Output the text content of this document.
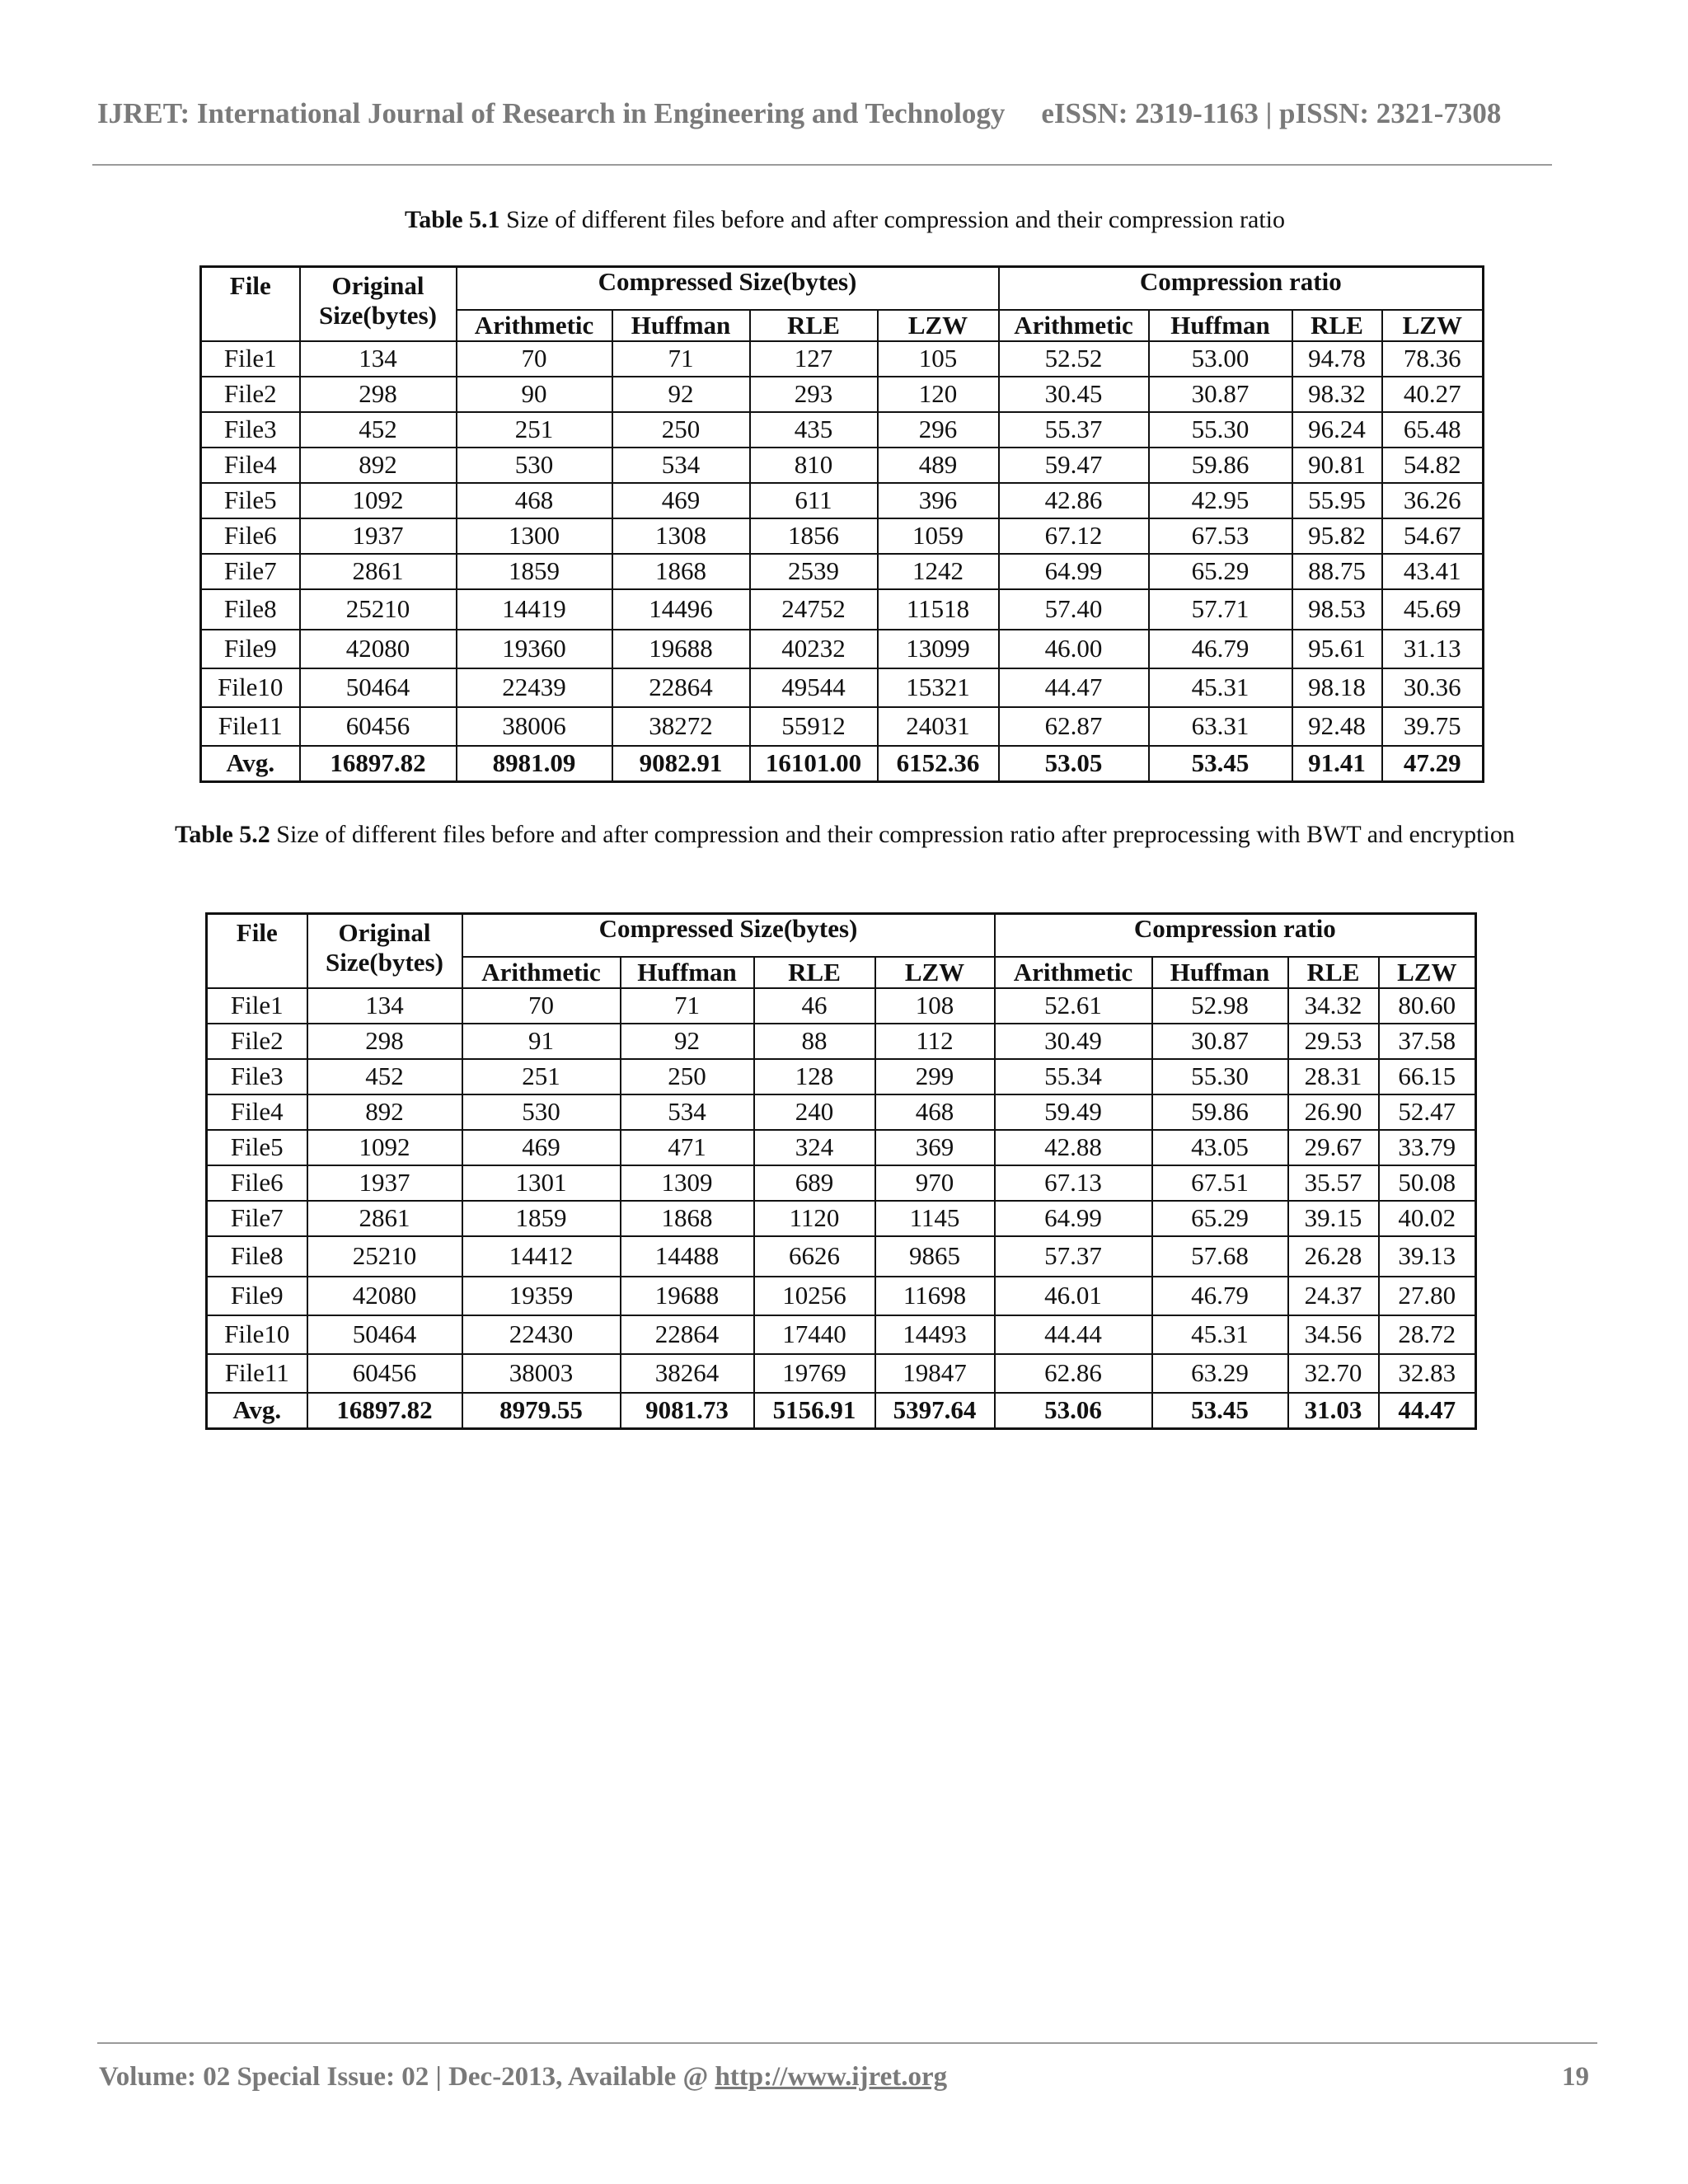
IJRET: International Journal of Research in Engineering and Technology eISSN: 2319-1163 | pISSN: 2321-7308
Table 5.1 Size of different files before and after compression and their compression ratio
File	Original Size(bytes)	Compressed Size(bytes)				Compression ratio			
		Arithmetic	Huffman	RLE	LZW	Arithmetic	Huffman	RLE	LZW
File1	134	70	71	127	105	52.52	53.00	94.78	78.36
File2	298	90	92	293	120	30.45	30.87	98.32	40.27
File3	452	251	250	435	296	55.37	55.30	96.24	65.48
File4	892	530	534	810	489	59.47	59.86	90.81	54.82
File5	1092	468	469	611	396	42.86	42.95	55.95	36.26
File6	1937	1300	1308	1856	1059	67.12	67.53	95.82	54.67
File7	2861	1859	1868	2539	1242	64.99	65.29	88.75	43.41
File8	25210	14419	14496	24752	11518	57.40	57.71	98.53	45.69
File9	42080	19360	19688	40232	13099	46.00	46.79	95.61	31.13
File10	50464	22439	22864	49544	15321	44.47	45.31	98.18	30.36
File11	60456	38006	38272	55912	24031	62.87	63.31	92.48	39.75
Avg.	16897.82	8981.09	9082.91	16101.00	6152.36	53.05	53.45	91.41	47.29
Table 5.2 Size of different files before and after compression and their compression ratio after preprocessing with BWT and encryption
File	Original Size(bytes)	Compressed Size(bytes)				Compression ratio			
		Arithmetic	Huffman	RLE	LZW	Arithmetic	Huffman	RLE	LZW
File1	134	70	71	46	108	52.61	52.98	34.32	80.60
File2	298	91	92	88	112	30.49	30.87	29.53	37.58
File3	452	251	250	128	299	55.34	55.30	28.31	66.15
File4	892	530	534	240	468	59.49	59.86	26.90	52.47
File5	1092	469	471	324	369	42.88	43.05	29.67	33.79
File6	1937	1301	1309	689	970	67.13	67.51	35.57	50.08
File7	2861	1859	1868	1120	1145	64.99	65.29	39.15	40.02
File8	25210	14412	14488	6626	9865	57.37	57.68	26.28	39.13
File9	42080	19359	19688	10256	11698	46.01	46.79	24.37	27.80
File10	50464	22430	22864	17440	14493	44.44	45.31	34.56	28.72
File11	60456	38003	38264	19769	19847	62.86	63.29	32.70	32.83
Avg.	16897.82	8979.55	9081.73	5156.91	5397.64	53.06	53.45	31.03	44.47
Volume: 02 Special Issue: 02 | Dec-2013, Available @ http://www.ijret.org	19
